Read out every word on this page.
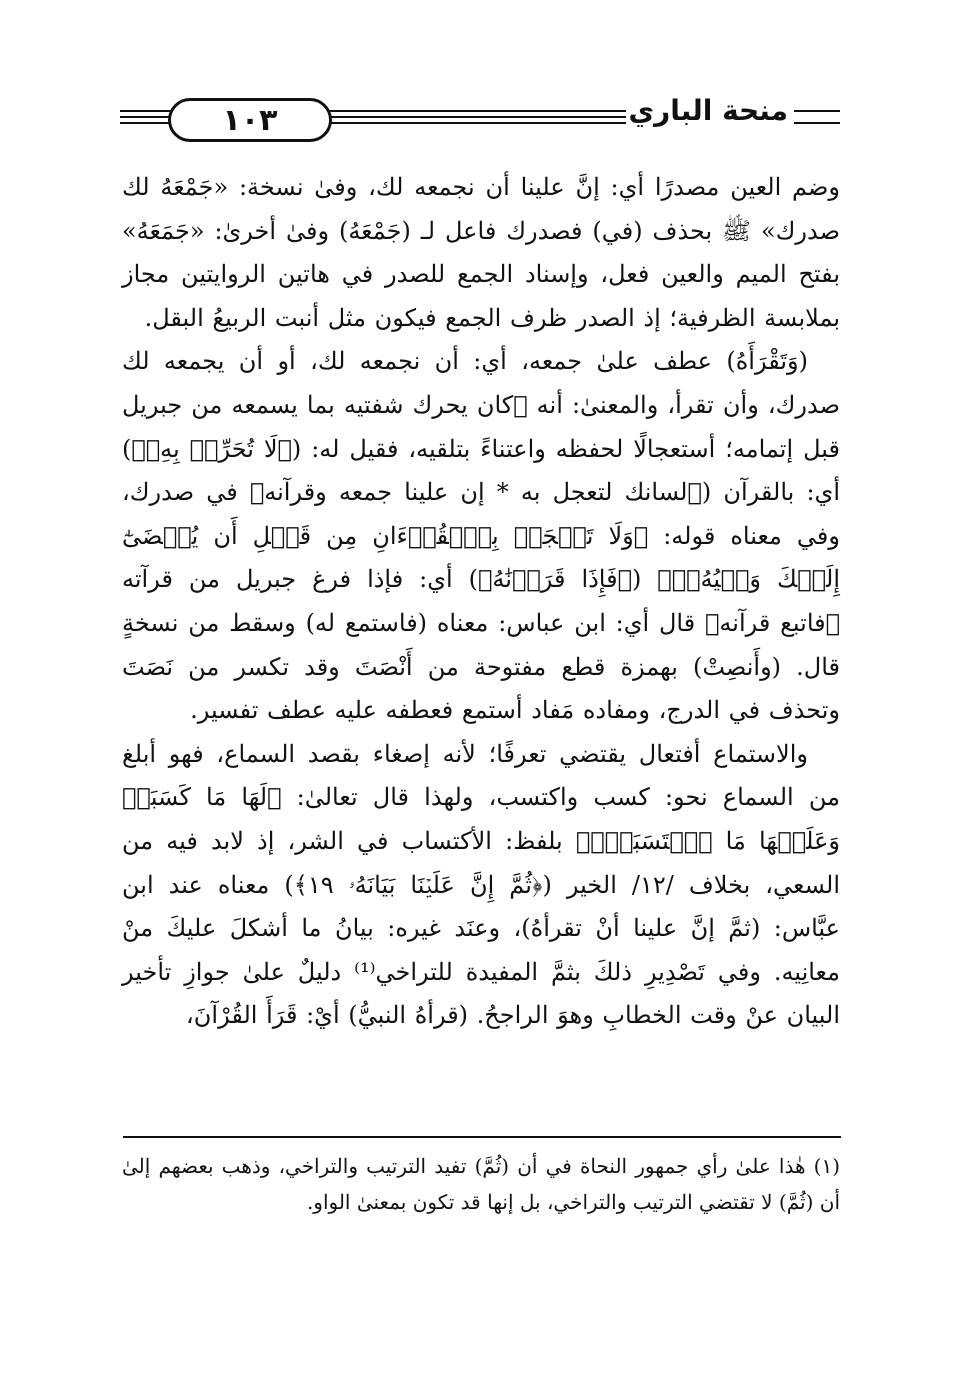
١٠٣	منحة الباري

وضم العين مصدرًا أي: إنَّ علينا أن نجمعه لك، وفىٰ نسخة: «جَمْعَهُ لك صدرك» ﷺ بحذف (في) فصدرك فاعل لـ (جَمْعَهُ) وفىٰ أخرىٰ: «جَمَعَهُ» بفتح الميم والعين فعل، وإسناد الجمع للصدر في هاتين الروايتين مجاز بملابسة الظرفية؛ إذ الصدر ظرف الجمع فيكون مثل أنبت الربيعُ البقل.

(وَتَقْرَأَهُ) عطف علىٰ جمعه، أي: أن نجمعه لك، أو أن يجمعه لك صدرك، وأن تقرأ، والمعنىٰ: أنه ﷺكان يحرك شفتيه بما يسمعه من جبريل قبل إتمامه؛ أستعجالًا لحفظه واعتناءً بتلقيه، فقيل له: (﴿لَا تُحَرِّكۡ بِهِۦ﴾) أي: بالقرآن (﴿لسانك لتعجل به * إن علينا جمعه وقرآنه﴾ في صدرك، وفي معناه قوله: ﴿وَلَا تَعۡجَلۡ بِٱلۡقُرۡءَانِ مِن قَبۡلِ أَن يُقۡضَىٰٓ إِلَيۡكَ وَحۡيُهُۥۖ﴾ (﴿فَإِذَا قَرَأۡنَٰهُ﴾) أي: فإذا فرغ جبريل من قرآته ﴿فاتبع قرآنه﴾ قال أي: ابن عباس: معناه (فاستمع له) وسقط من نسخةٍ قال. (وأَنصِتْ) بهمزة قطع مفتوحة من أَنْصَتَ وقد تكسر من نَصَتَ وتحذف في الدرج، ومفاده مَفاد أستمع فعطفه عليه عطف تفسير.

والاستماع أفتعال يقتضي تعرفًا؛ لأنه إصغاء بقصد السماع، فهو أبلغ من السماع نحو: كسب واكتسب، ولهذا قال تعالىٰ: ﴿لَهَا مَا كَسَبَتۡ وَعَلَيۡهَا مَا ٱكۡتَسَبَتۡۗ﴾ بلفظ: الأكتساب في الشر، إذ لابد فيه من السعي، بخلاف /١٢/ الخير (﴿ثُمَّ إِنَّ عَلَيۡنَا بَيَانَهُۥ ١٩﴾) معناه عند ابن عبَّاس: (ثمَّ إنَّ علينا أنْ تقرأهُ)، وعنَد غيره: بيانُ ما أشكلَ عليكَ منْ معانِيه. وفي تَصْدِيرِ ذلكَ بثمَّ المفيدة للتراخي⁽¹⁾ دليلٌ علىٰ جوازِ تأخير البيان عنْ وقت الخطابِ وهوَ الراجحُ. (قرأهُ النبيُّ) أيْ: قَرَأَ القُرْآنَ،

(١) هٰذا علىٰ رأي جمهور النحاة في أن (ثُمَّ) تفيد الترتيب والتراخي، وذهب بعضهم إلىٰ أن (ثُمَّ) لا تقتضي الترتيب والتراخي، بل إنها قد تكون بمعنىٰ الواو.
